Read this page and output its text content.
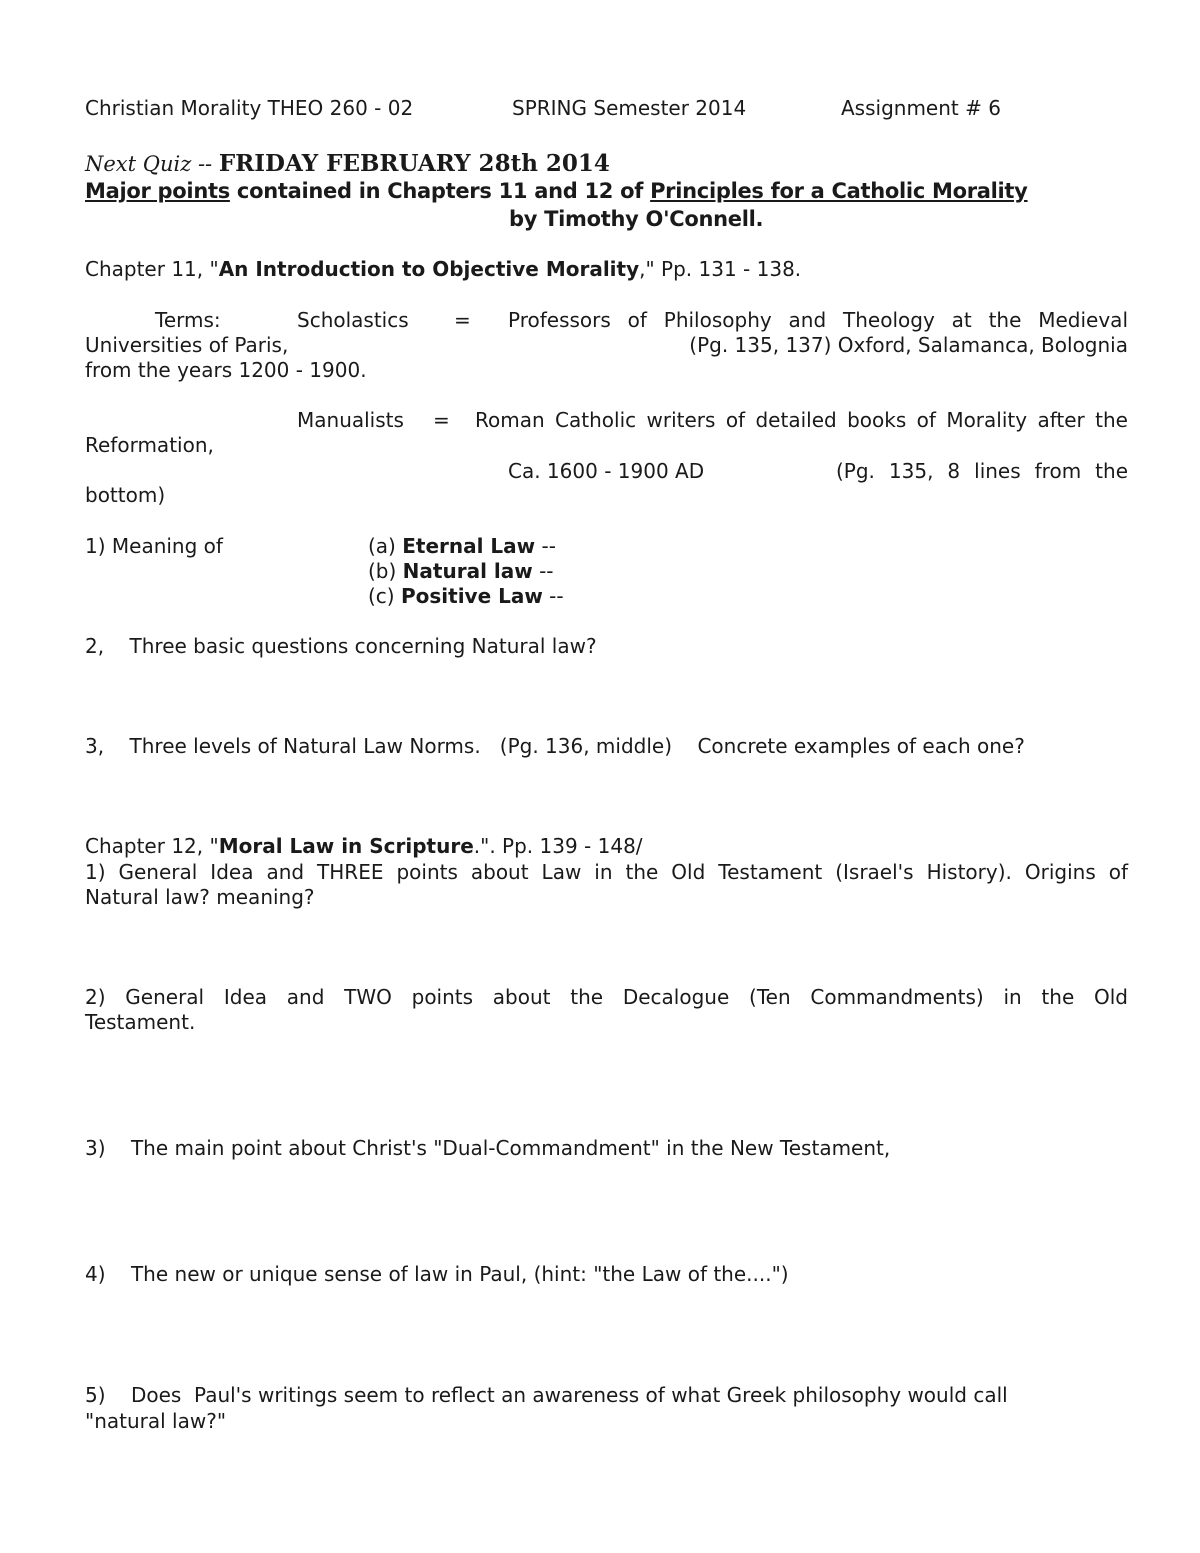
Christian Morality THEO 260 - 02	SPRING Semester 2014	Assignment # 6
Next Quiz -- FRIDAY FEBRUARY 28th 2014
Major points contained in Chapters 11 and 12 of Principles for a Catholic Morality
by Timothy O'Connell.
Chapter 11, "An Introduction to Objective Morality," Pp. 131 - 138.
Terms:	Scholastics = Professors of Philosophy and Theology at the Medieval
Universities of Paris,	(Pg. 135, 137) Oxford, Salamanca, Bolognia
from the years 1200 - 1900.
Manualists = Roman Catholic writers of detailed books of Morality after the
Reformation,
Ca. 1600 - 1900 AD	(Pg. 135, 8 lines from the
bottom)
1) Meaning of	(a) Eternal Law --
(b) Natural law --
(c) Positive Law --
2,    Three basic questions concerning Natural law?
3,    Three levels of Natural Law Norms.   (Pg. 136, middle)    Concrete examples of each one?
Chapter 12, "Moral Law in Scripture.". Pp. 139 - 148/
1) General Idea and THREE points about Law in the Old Testament (Israel's History). Origins of
Natural law? meaning?
2) General Idea and TWO points about the Decalogue (Ten Commandments) in the Old
Testament.
3)    The main point about Christ's "Dual-Commandment" in the New Testament,
4)    The new or unique sense of law in Paul, (hint: "the Law of the....")
5)    Does  Paul's writings seem to reflect an awareness of what Greek philosophy would call
"natural law?"
